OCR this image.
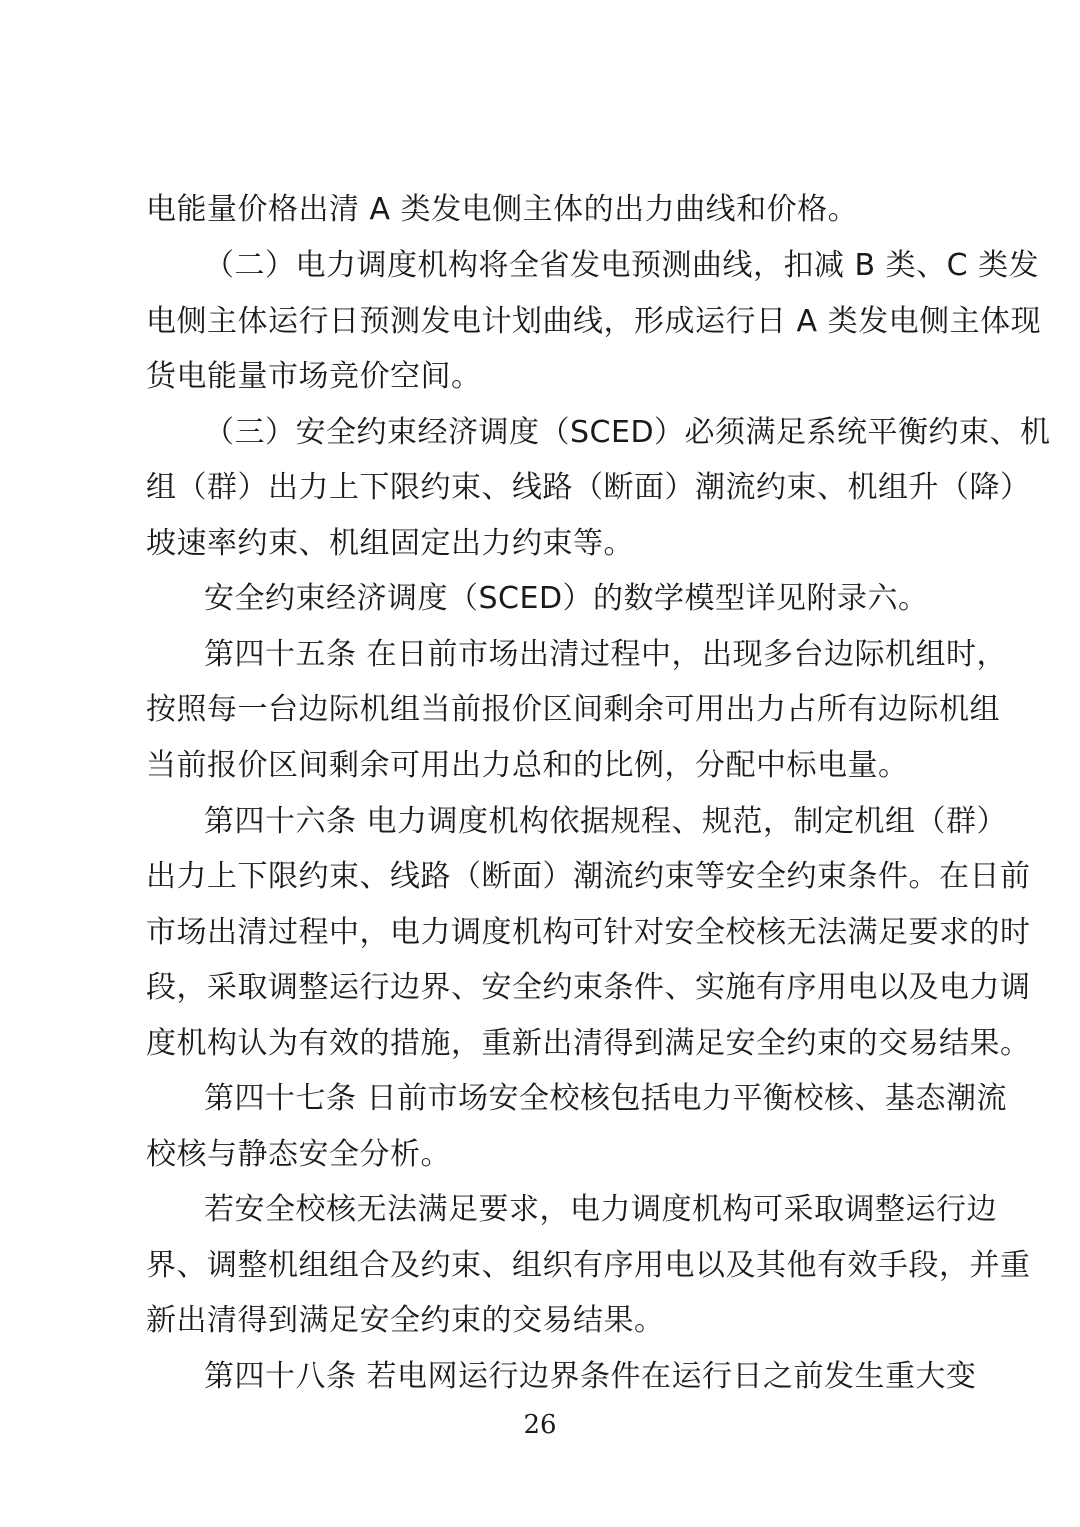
电能量价格出清 A 类发电侧主体的出力曲线和价格。
（二）电力调度机构将全省发电预测曲线，扣减 B 类、C 类发
电侧主体运行日预测发电计划曲线，形成运行日 A 类发电侧主体现
货电能量市场竞价空间。
（三）安全约束经济调度（SCED）必须满足系统平衡约束、机
组（群）出力上下限约束、线路（断面）潮流约束、机组升（降）
坡速率约束、机组固定出力约束等。
安全约束经济调度（SCED）的数学模型详见附录六。
第四十五条 在日前市场出清过程中，出现多台边际机组时，
按照每一台边际机组当前报价区间剩余可用出力占所有边际机组
当前报价区间剩余可用出力总和的比例，分配中标电量。
第四十六条 电力调度机构依据规程、规范，制定机组（群）
出力上下限约束、线路（断面）潮流约束等安全约束条件。在日前
市场出清过程中，电力调度机构可针对安全校核无法满足要求的时
段，采取调整运行边界、安全约束条件、实施有序用电以及电力调
度机构认为有效的措施，重新出清得到满足安全约束的交易结果。
第四十七条 日前市场安全校核包括电力平衡校核、基态潮流
校核与静态安全分析。
若安全校核无法满足要求，电力调度机构可采取调整运行边
界、调整机组组合及约束、组织有序用电以及其他有效手段，并重
新出清得到满足安全约束的交易结果。
第四十八条 若电网运行边界条件在运行日之前发生重大变
26
